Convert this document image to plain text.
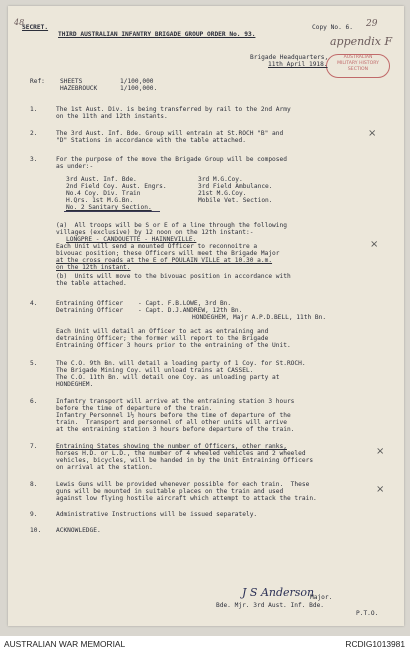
48
SECRET.
THIRD AUSTRALIAN INFANTRY BRIGADE GROUP ORDER No. 93.
Copy No. 6. 29
appendix F
AUSTRALIAN
MILITARY HISTORY
SECTION
Brigade Headquarters,
11th April 1918.
Ref: SHEETS	1/100,000
HAZEBROUCK	1/100,000.
1.	The 1st Aust. Div. is being transferred by rail to the 2nd Army
on the 11th and 12th instants.
2.	The 3rd Aust. Inf. Bde. Group will entrain at St.ROCH "B" and
"D" Stations in accordance with the table attached.
×
3.	For the purpose of the move the Brigade Group will be composed
as under:-
3rd Aust. Inf. Bde.
2nd Field Coy. Aust. Engrs.
No.4 Coy. Div. Train
H.Qrs. 1st M.G.Bn.
No. 2 Sanitary Section.
3rd M.G.Coy.
3rd Field Ambulance.
21st M.G.Coy.
Mobile Vet. Section.
(a)  All troops will be S or E of a line through the following
villages (exclusive) by 12 noon on the 12th instant:-
LONGPRE - CANDOUETTE - HAINNEVILLE.
Each Unit will send a mounted Officer to reconnoitre a
bivouac position; these Officers will meet the Brigade Major
at the cross roads at the E of POULAIN VILLE at 10.30 a.m.
on the 12th instant.
×
(b)  Units will move to the bivouac position in accordance with
the table attached.
4.	Entraining Officer - Capt. F.B.LOWE, 3rd Bn.
Detraining Officer - Capt. D.J.ANDREW, 12th Bn.
HONDEGHEM, Majr A.P.D.BELL, 11th Bn.
Each Unit will detail an Officer to act as entraining and
detraining Officer; the former will report to the Brigade
Entraining Officer 3 hours prior to the entraining of the Unit.
5.	The C.O. 9th Bn. will detail a loading party of 1 Coy. for St.ROCH.
The Brigade Mining Coy. will unload trains at CASSEL.
The C.O. 11th Bn. will detail one Coy. as unloading party at
HONDEGHEM.
6.	Infantry transport will arrive at the entraining station 3 hours
before the time of departure of the train.
Infantry Personnel 1½ hours before the time of departure of the
train.  Transport and personnel of all other units will arrive
at the entraining station 3 hours before departure of the train.
7.	Entraining States showing the number of Officers, other ranks,
horses H.D. or L.D., the number of 4 wheeled vehicles and 2 wheeled
vehicles, bicycles, will be handed in by the Unit Entraining Officers
on arrival at the station.
×
8.	Lewis Guns will be provided whenever possible for each train.  These
guns will be mounted in suitable places on the train and used
against low flying hostile aircraft which attempt to attack the train.
×
9.	Administrative Instructions will be issued separately.
10. ACKNOWLEDGE.
J S Anderson
Major.
Bde. Mjr. 3rd Aust. Inf. Bde.
P.T.O.
AUSTRALIAN WAR MEMORIAL	RCDIG1013981
